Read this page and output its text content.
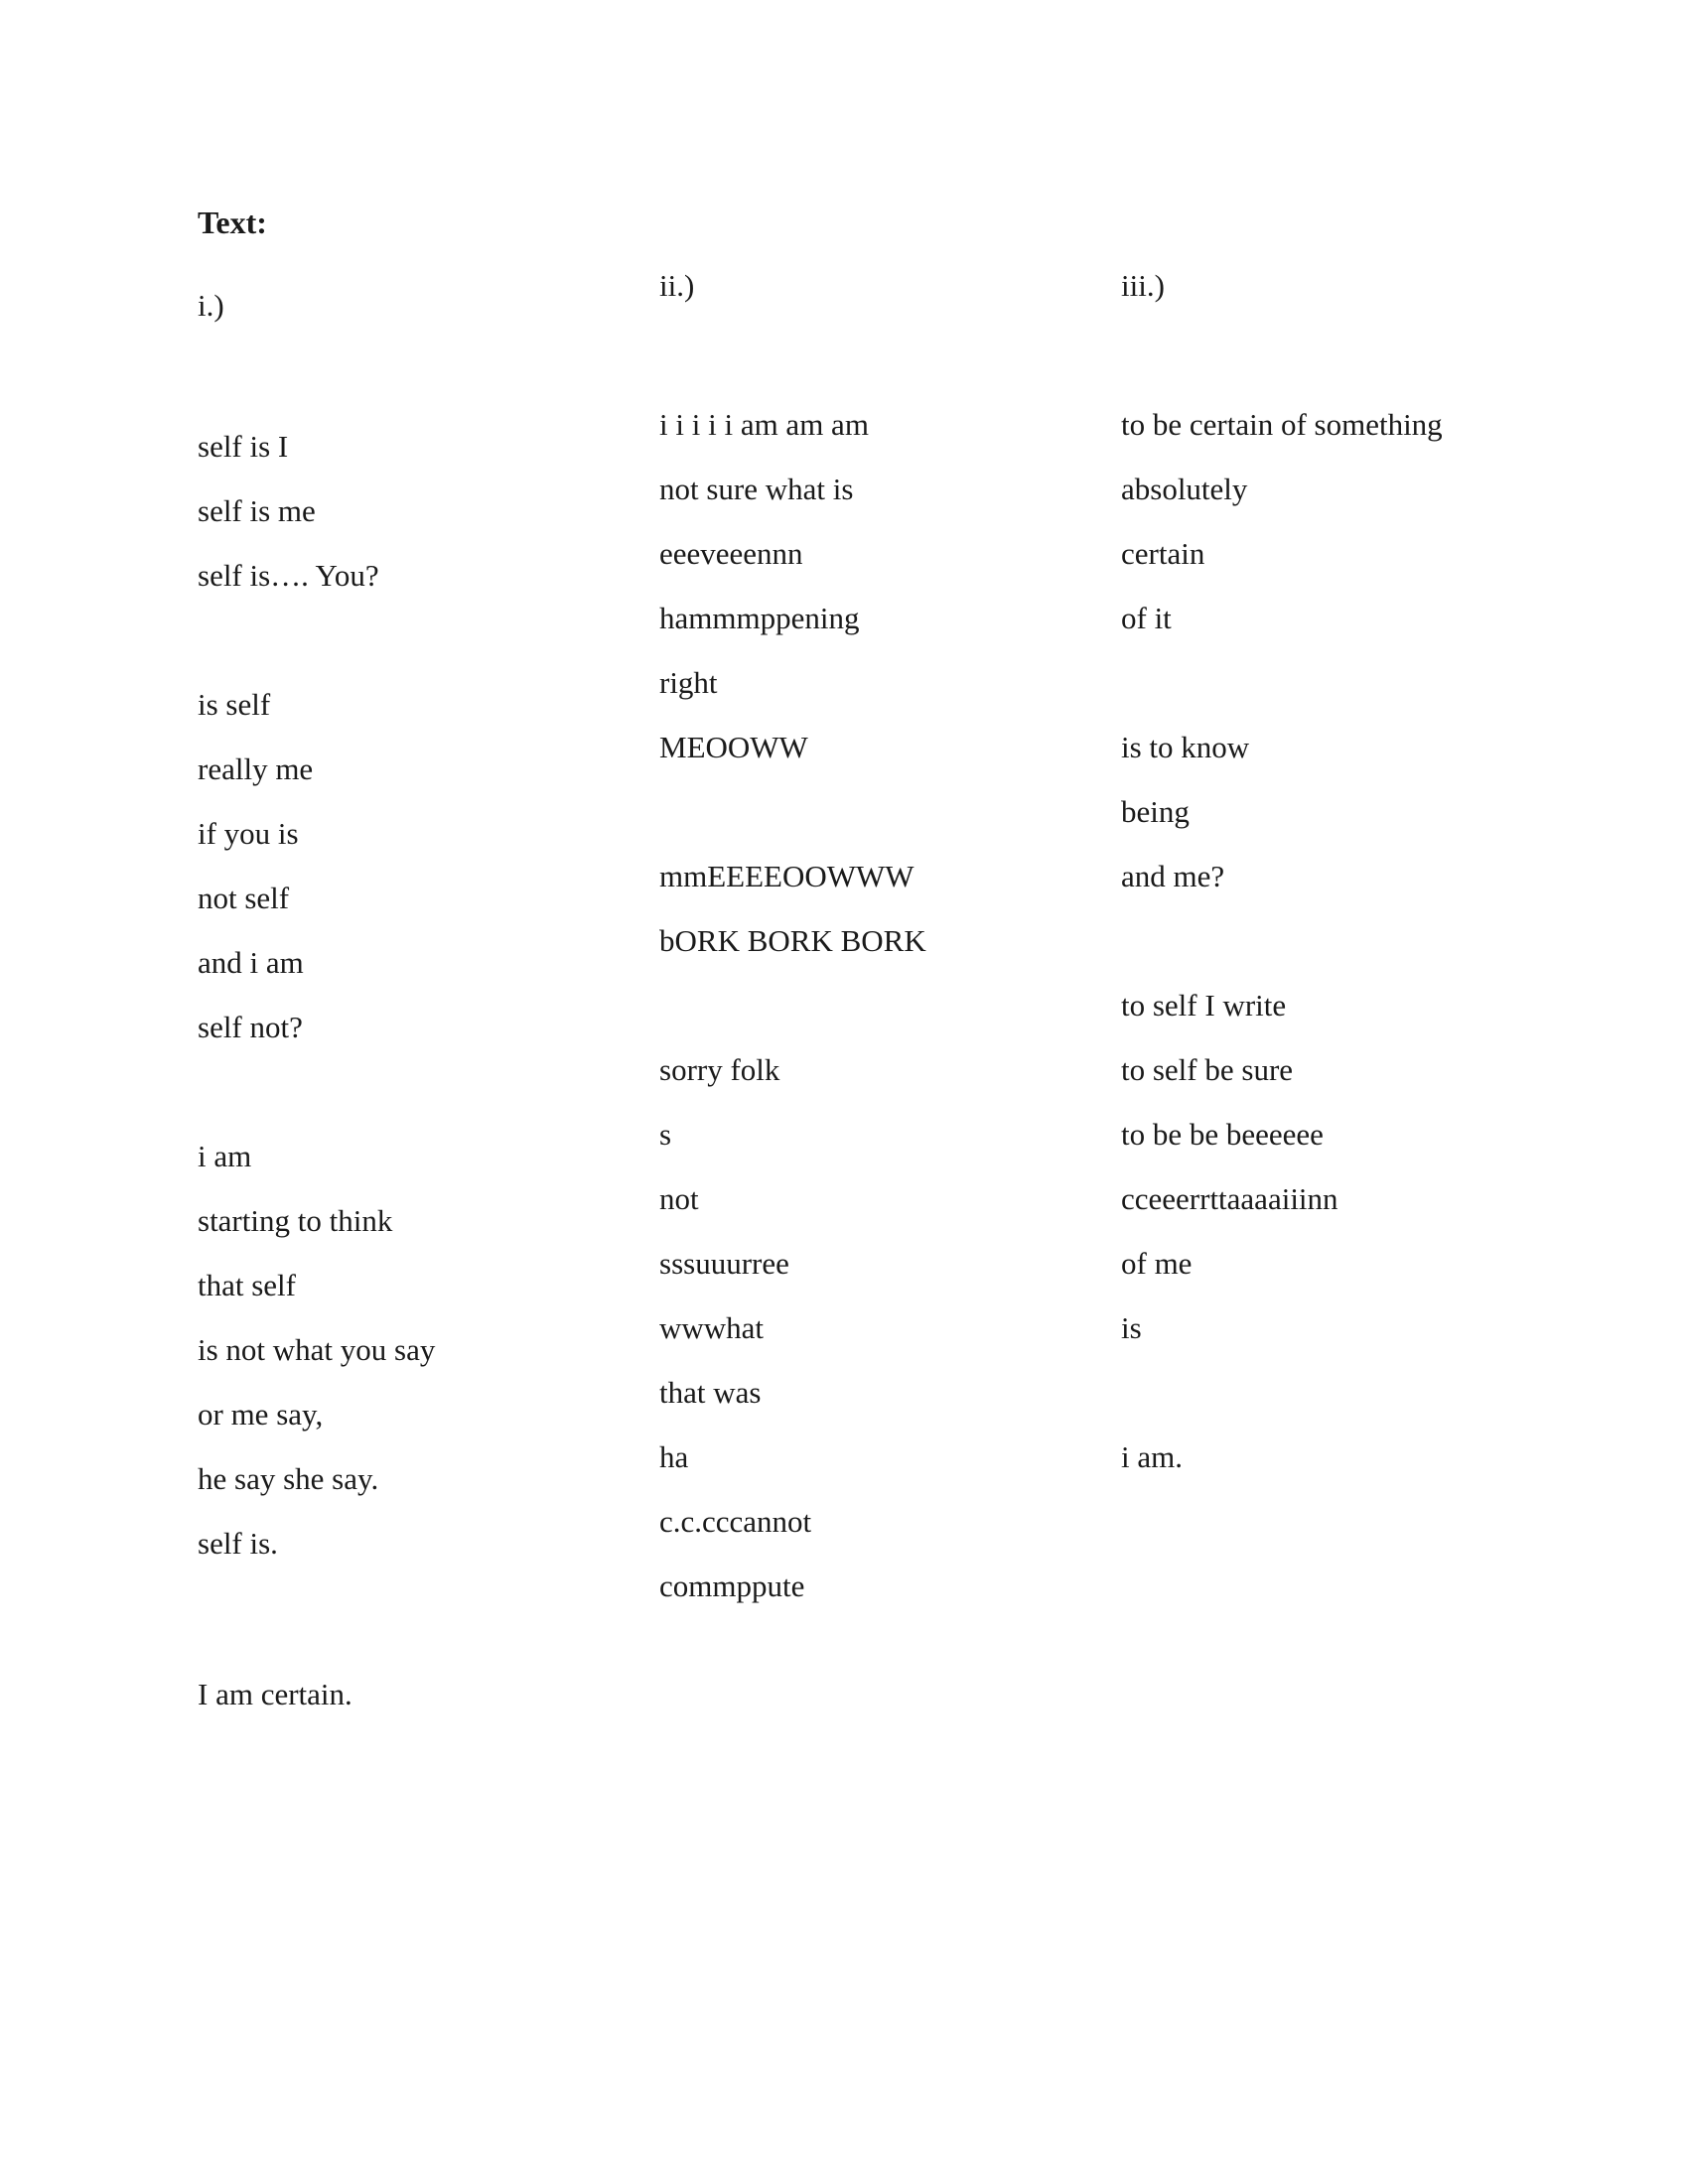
Text:
i.)
self is I
self is me
self is…. You?
is self
really me
if you is
not self
and i am
self not?
i am
starting to think
that self
is not what you say
or me say,
he say she say.
self is.
I am certain.
ii.)
i i i i i am am am
not sure what is
eeeveeennn
hammmppening
right
MEOOWW
mmEEEEOOWWW
bORK BORK BORK
sorry folk
s
not
sssuuurree
wwwhat
that was
ha
c.c.cccannot
commppute
iii.)
to be certain of something
absolutely
certain
of it
is to know
being
and me?
to self I write
to self be sure
to be be beeeeee
cceeerrttaaaaiiinn
of me
is
i am.
